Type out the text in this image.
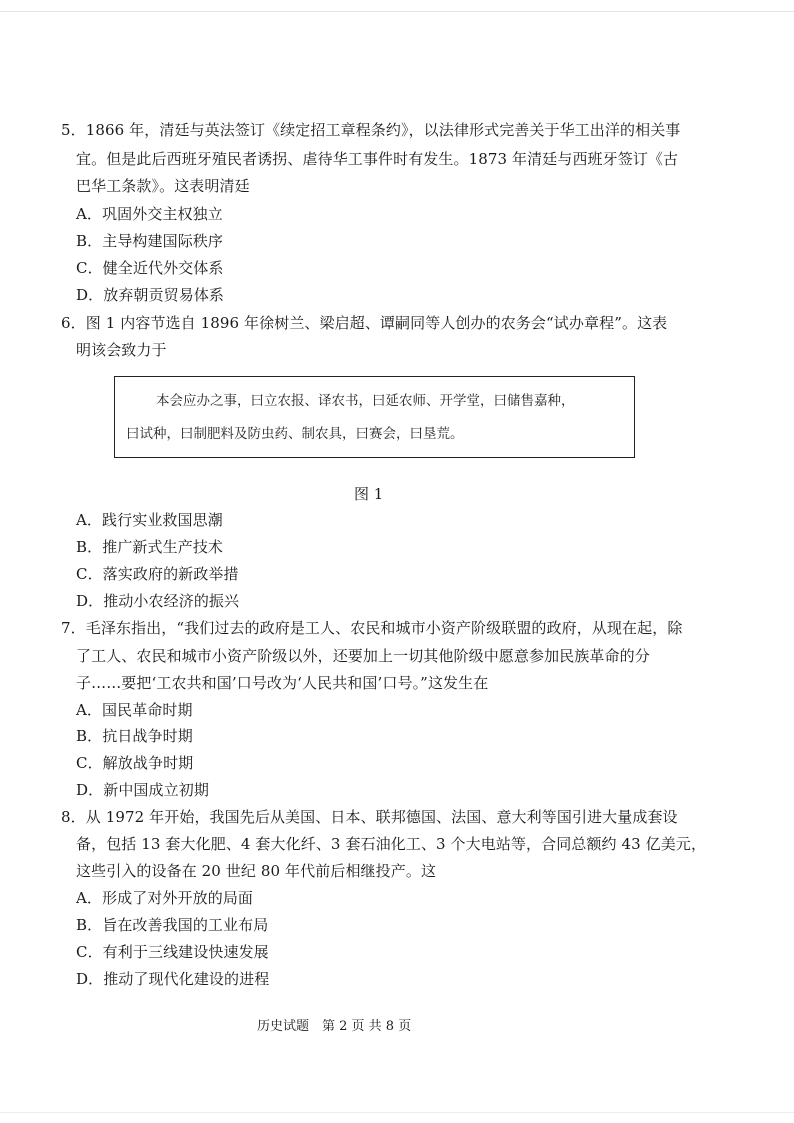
5．1866 年，清廷与英法签订《续定招工章程条约》，以法律形式完善关于华工出洋的相关事
宜。但是此后西班牙殖民者诱拐、虐待华工事件时有发生。1873 年清廷与西班牙签订《古
巴华工条款》。这表明清廷
A．巩固外交主权独立
B．主导构建国际秩序
C．健全近代外交体系
D．放弃朝贡贸易体系
6．图 1 内容节选自 1896 年徐树兰、梁启超、谭嗣同等人创办的农务会“试办章程”。这表
明该会致力于
本会应办之事，曰立农报、译农书，曰延农师、开学堂，曰储售嘉种，
曰试种，曰制肥料及防虫药、制农具，曰赛会，曰垦荒。
图 1
A．践行实业救国思潮
B．推广新式生产技术
C．落实政府的新政举措
D．推动小农经济的振兴
7．毛泽东指出，“我们过去的政府是工人、农民和城市小资产阶级联盟的政府，从现在起，除
了工人、农民和城市小资产阶级以外，还要加上一切其他阶级中愿意参加民族革命的分
子……要把‘工农共和国’口号改为‘人民共和国’口号。”这发生在
A．国民革命时期
B．抗日战争时期
C．解放战争时期
D．新中国成立初期
8．从 1972 年开始，我国先后从美国、日本、联邦德国、法国、意大利等国引进大量成套设
备，包括 13 套大化肥、4 套大化纤、3 套石油化工、3 个大电站等，合同总额约 43 亿美元，
这些引入的设备在 20 世纪 80 年代前后相继投产。这
A．形成了对外开放的局面
B．旨在改善我国的工业布局
C．有利于三线建设快速发展
D．推动了现代化建设的进程
历史试题　第 2 页 共 8 页
